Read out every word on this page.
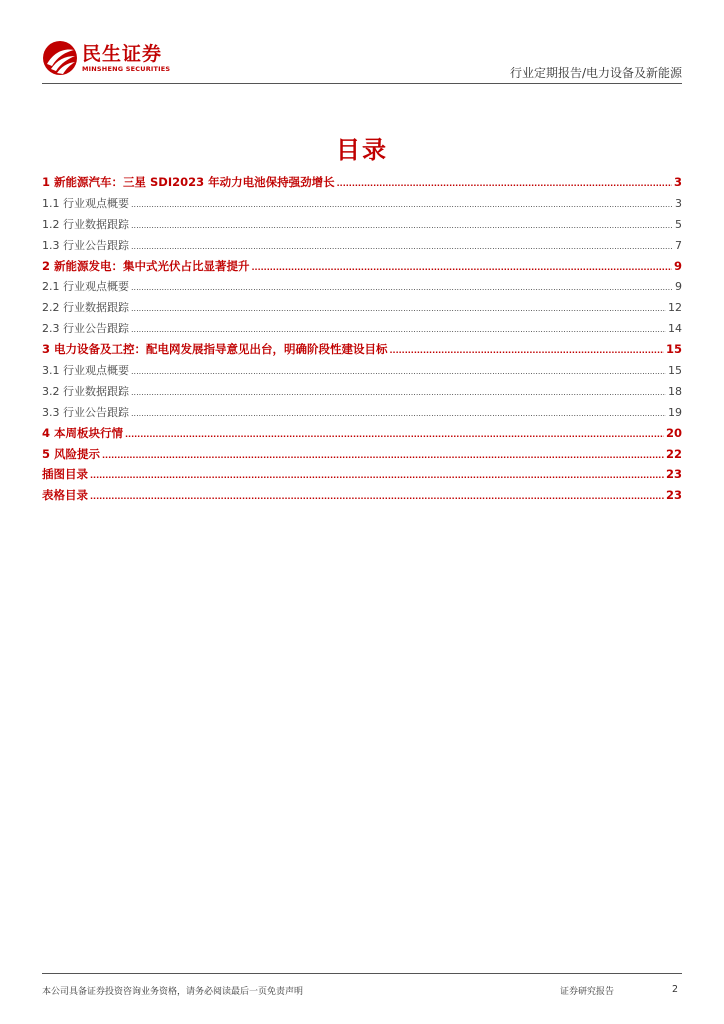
民生证券
MINSHENG SECURITIES	行业定期报告/电力设备及新能源
目录
1 新能源汽车：三星 SDI2023 年动力电池保持强劲增长 .....	3
1.1 行业观点概要 .....	3
1.2 行业数据跟踪 .....	5
1.3 行业公告跟踪 .....	7
2 新能源发电：集中式光伏占比显著提升 .....	9
2.1 行业观点概要 .....	9
2.2 行业数据跟踪 .....	12
2.3 行业公告跟踪 .....	14
3 电力设备及工控：配电网发展指导意见出台，明确阶段性建设目标 .....	15
3.1 行业观点概要 .....	15
3.2 行业数据跟踪 .....	18
3.3 行业公告跟踪 .....	19
4 本周板块行情 .....	20
5 风险提示 .....	22
插图目录 .....	23
表格目录 .....	23
本公司具备证券投资咨询业务资格，请务必阅读最后一页免责声明	证券研究报告	2
